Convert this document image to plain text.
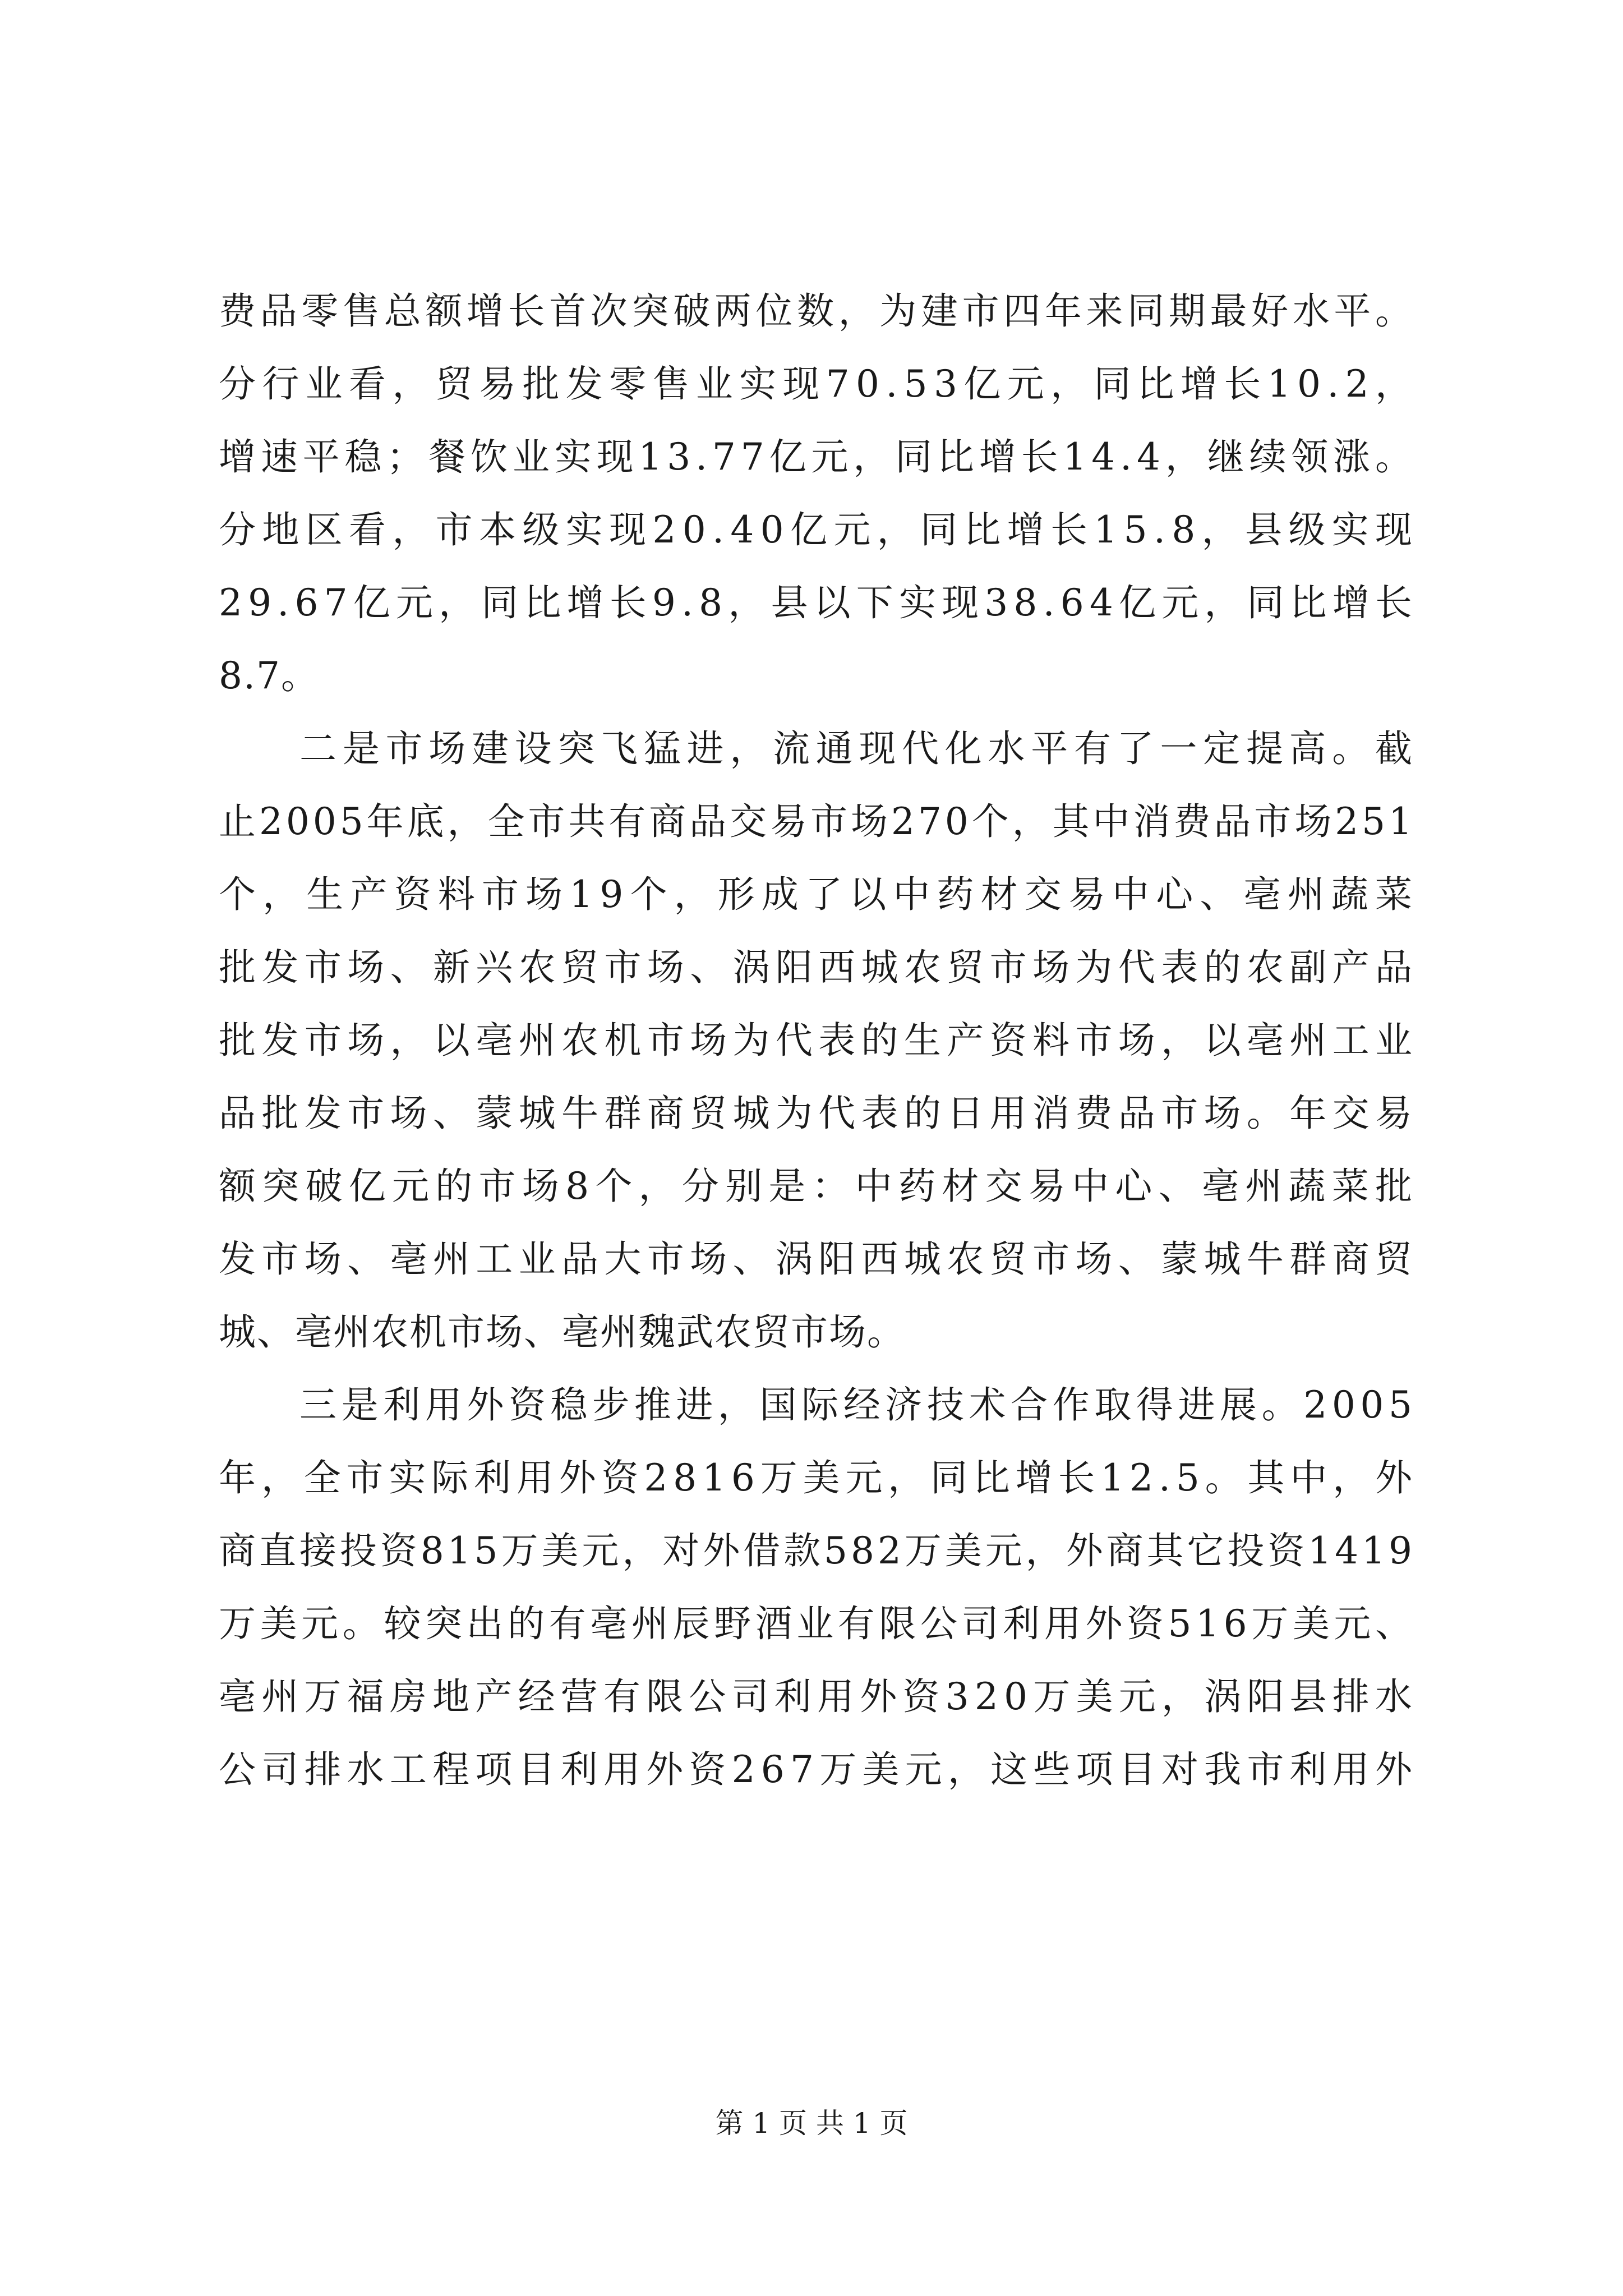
费品零售总额增长首次突破两位数，为建市四年来同期最好水平。
分行业看，贸易批发零售业实现70.53亿元，同比增长10.2，
增速平稳；餐饮业实现13.77亿元，同比增长14.4，继续领涨。
分地区看，市本级实现20.40亿元，同比增长15.8，县级实现
29.67亿元，同比增长9.8，县以下实现38.64亿元，同比增长
8.7。
二是市场建设突飞猛进，流通现代化水平有了一定提高。截
止2005年底，全市共有商品交易市场270个，其中消费品市场251
个，生产资料市场19个，形成了以中药材交易中心、亳州蔬菜
批发市场、新兴农贸市场、涡阳西城农贸市场为代表的农副产品
批发市场，以亳州农机市场为代表的生产资料市场，以亳州工业
品批发市场、蒙城牛群商贸城为代表的日用消费品市场。年交易
额突破亿元的市场8个，分别是：中药材交易中心、亳州蔬菜批
发市场、亳州工业品大市场、涡阳西城农贸市场、蒙城牛群商贸
城、亳州农机市场、亳州魏武农贸市场。
三是利用外资稳步推进，国际经济技术合作取得进展。2005
年，全市实际利用外资2816万美元，同比增长12.5。其中，外
商直接投资815万美元，对外借款582万美元，外商其它投资1419
万美元。较突出的有亳州辰野酒业有限公司利用外资516万美元、
亳州万福房地产经营有限公司利用外资320万美元，涡阳县排水
公司排水工程项目利用外资267万美元，这些项目对我市利用外
第 1 页 共 1 页
